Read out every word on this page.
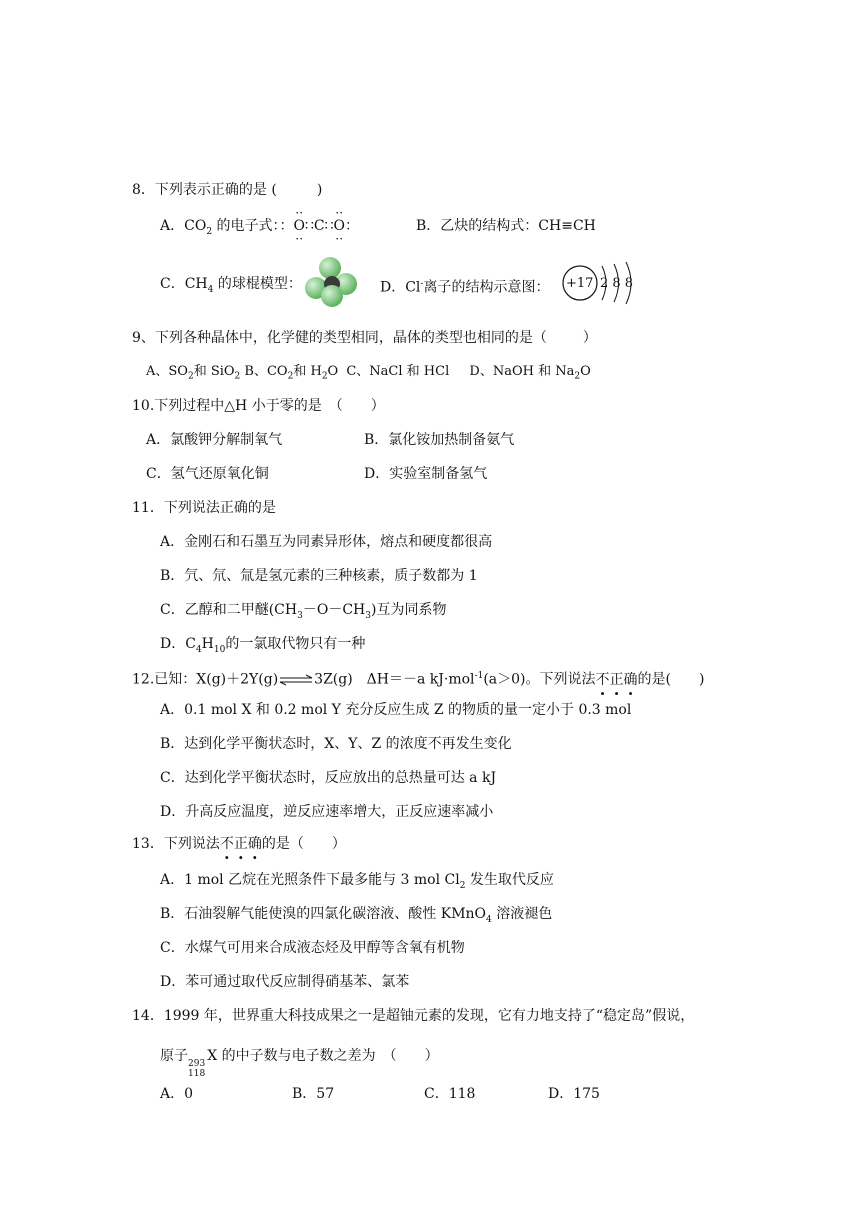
8．下列表示正确的是 (	)
A．$CO_2$ 的电子式：：·· O ··∷C∷·· O ··：	B．乙炔的结构式：CH≡CH
C．$CH_4$ 的球棍模型：	D．Cl-离子的结构示意图： +17 2 8 8
9、下列各种晶体中，化学健的类型相同，晶体的类型也相同的是（	）
A、$SO_2$和 SiO$_2$ B、$CO_2$和 $H_2O$ C、NaCl 和 HCl D、NaOH 和 $Na_2O$
10.下列过程中△H 小于零的是　（　　）
A．氯酸钾分解制氧气	B．氯化铵加热制备氨气
C．氢气还原氧化铜	D．实验室制备氢气
11．下列说法正确的是
A．金刚石和石墨互为同素异形体，熔点和硬度都很高
B．氕、氘、氚是氢元素的三种核素，质子数都为 1
C．乙醇和二甲醚$(CH_3-O-CH_3)$互为同系物
D．$C_4H_{10}$的一氯取代物只有一种
12.已知：X(g)＋2Y(g)⇌3Z(g)　ΔH＝－a kJ·mol$^{-1}$(a＞0)。下列说法不正确的是(　　)
A．0.1 mol X 和 0.2 mol Y 充分反应生成 Z 的物质的量一定小于 0.3 mol
B．达到化学平衡状态时，X、Y、Z 的浓度不再发生变化
C．达到化学平衡状态时，反应放出的总热量可达 a kJ
D．升高反应温度，逆反应速率增大，正反应速率减小
13．下列说法不正确的是（　　）
A．1 mol 乙烷在光照条件下最多能与 3 mol $Cl_2$ 发生取代反应
B．石油裂解气能使溴的四氯化碳溶液、酸性 KMnO$_4$ 溶液褪色
C．水煤气可用来合成液态烃及甲醇等含氧有机物
D．苯可通过取代反应制得硝基苯、氯苯
14．1999 年，世界重大科技成果之一是超铀元素的发现，它有力地支持了“稳定岛”假说，
原子 293
118
X 的中子数与电子数之差为　（　　）
A．0	B．57	C．118	D．175
